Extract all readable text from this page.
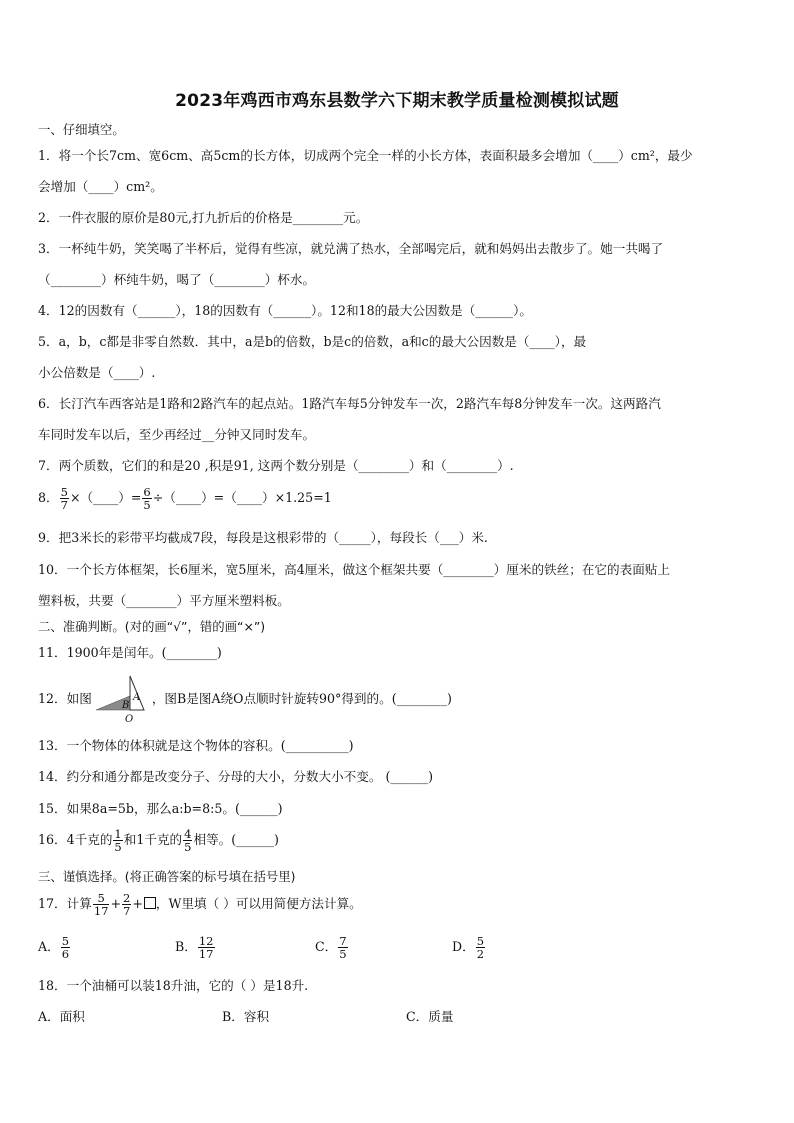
2023年鸡西市鸡东县数学六下期末教学质量检测模拟试题
一、仔细填空。
1．将一个长7cm、宽6cm、高5cm的长方体，切成两个完全一样的小长方体，表面积最多会增加（____）cm²，最少
会增加（____）cm²。
2．一件衣服的原价是80元,打九折后的价格是________元。
3．一杯纯牛奶，笑笑喝了半杯后，觉得有些凉，就兑满了热水，全部喝完后，就和妈妈出去散步了。她一共喝了
（________）杯纯牛奶，喝了（________）杯水。
4．12的因数有（______），18的因数有（______）。12和18的最大公因数是（______）。
5．a，b，c都是非零自然数．其中，a是b的倍数，b是c的倍数，a和c的最大公因数是（____），最
小公倍数是（____）.
6．长汀汽车西客站是1路和2路汽车的起点站。1路汽车每5分钟发车一次，2路汽车每8分钟发车一次。这两路汽
车同时发车以后，至少再经过__分钟又同时发车。
7．两个质数，它们的和是20 ,积是91, 这两个数分别是（________）和（________）.
8． $\frac{5}{7}$ ×（____）= $\frac{6}{5}$ ÷（____）=（____）×1.25=1
9．把3米长的彩带平均截成7段，每段是这根彩带的（_____），每段长（___）米.
10．一个长方体框架，长6厘米，宽5厘米，高4厘米，做这个框架共要（________）厘米的铁丝；在它的表面贴上
塑料板，共要（________）平方厘米塑料板。
二、准确判断。(对的画“√”，错的画“×”)
11．1900年是闰年。(________)
12．如图	B
A
O
，图B是图A绕O点顺时针旋转90°得到的。(________)
13．一个物体的体积就是这个物体的容积。(__________)
14．约分和通分都是改变分子、分母的大小，分数大小不变。 (______)
15．如果8a=5b，那么a:b=8:5。(______)
16．4千克的 $\frac{1}{5}$ 和1千克的 $\frac{4}{5}$ 相等。(______)
三、谨慎选择。(将正确答案的标号填在括号里)
17．计算 $\frac{5}{17} + \frac{2}{7}$ + ，W里填（ ）可以用简便方法计算。
A． $\frac{5}{6}$	B． $\frac{12}{17}$	C． $\frac{7}{5}$	D． $\frac{5}{2}$
18．一个油桶可以装18升油，它的（ ）是18升.
A．面积	B．容积	C．质量
